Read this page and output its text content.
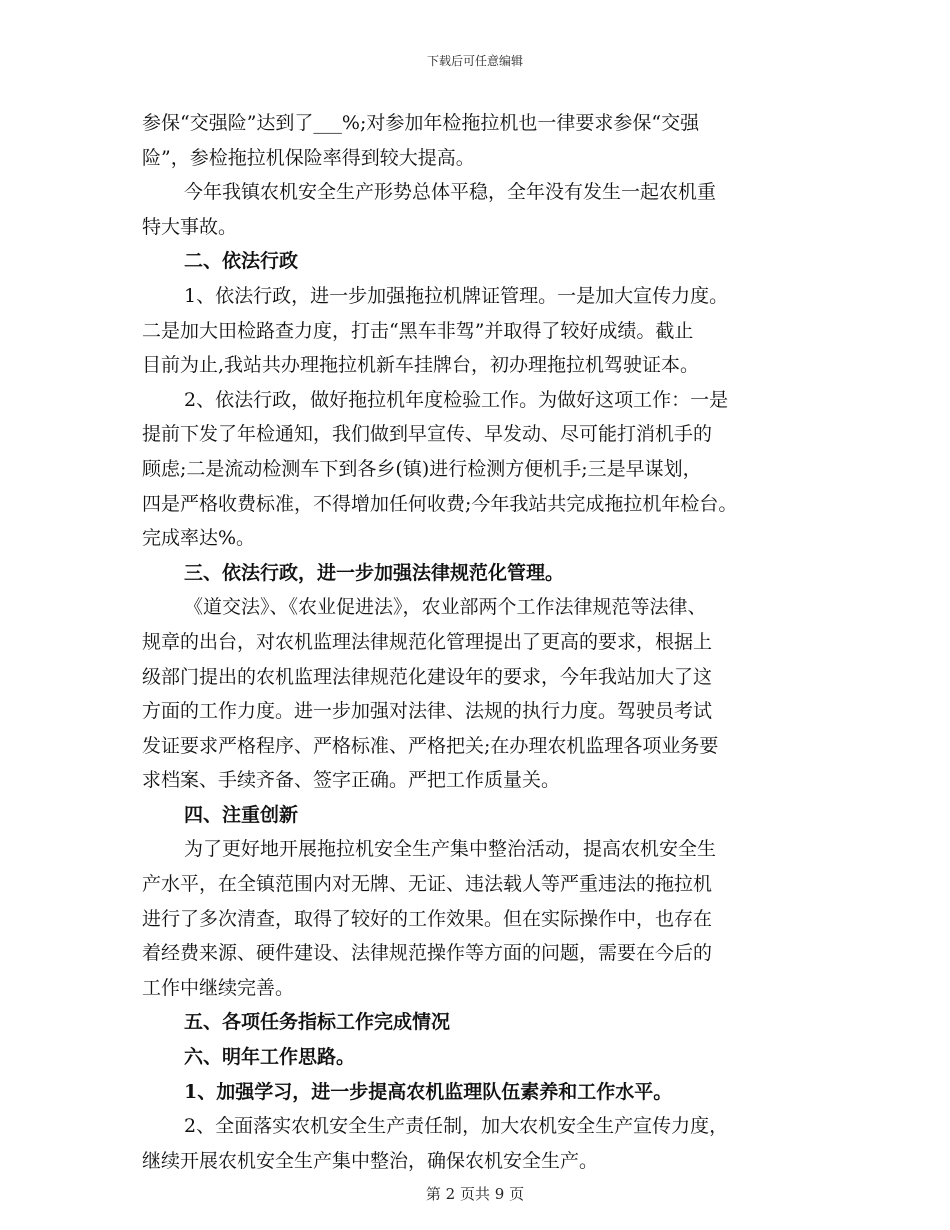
下载后可任意编辑
参保“交强险”达到了___%;对参加年检拖拉机也一律要求参保“交强
险”，参检拖拉机保险率得到较大提高。
今年我镇农机安全生产形势总体平稳，全年没有发生一起农机重
特大事故。
二、依法行政
1、依法行政，进一步加强拖拉机牌证管理。一是加大宣传力度。
二是加大田检路查力度，打击“黑车非驾”并取得了较好成绩。截止
目前为止,我站共办理拖拉机新车挂牌台，初办理拖拉机驾驶证本。
2、依法行政，做好拖拉机年度检验工作。为做好这项工作：一是
提前下发了年检通知，我们做到早宣传、早发动、尽可能打消机手的
顾虑;二是流动检测车下到各乡(镇)进行检测方便机手;三是早谋划，
四是严格收费标准，不得增加任何收费;今年我站共完成拖拉机年检台。
完成率达%。
三、依法行政，进一步加强法律规范化管理。
《道交法》、《农业促进法》，农业部两个工作法律规范等法律、
规章的出台，对农机监理法律规范化管理提出了更高的要求，根据上
级部门提出的农机监理法律规范化建设年的要求，今年我站加大了这
方面的工作力度。进一步加强对法律、法规的执行力度。驾驶员考试
发证要求严格程序、严格标准、严格把关;在办理农机监理各项业务要
求档案、手续齐备、签字正确。严把工作质量关。
四、注重创新
为了更好地开展拖拉机安全生产集中整治活动，提高农机安全生
产水平，在全镇范围内对无牌、无证、违法载人等严重违法的拖拉机
进行了多次清查，取得了较好的工作效果。但在实际操作中，也存在
着经费来源、硬件建设、法律规范操作等方面的问题，需要在今后的
工作中继续完善。
五、各项任务指标工作完成情况
六、明年工作思路。
1、加强学习，进一步提高农机监理队伍素养和工作水平。
2、全面落实农机安全生产责任制，加大农机安全生产宣传力度，
继续开展农机安全生产集中整治，确保农机安全生产。
第 2 页共 9 页
